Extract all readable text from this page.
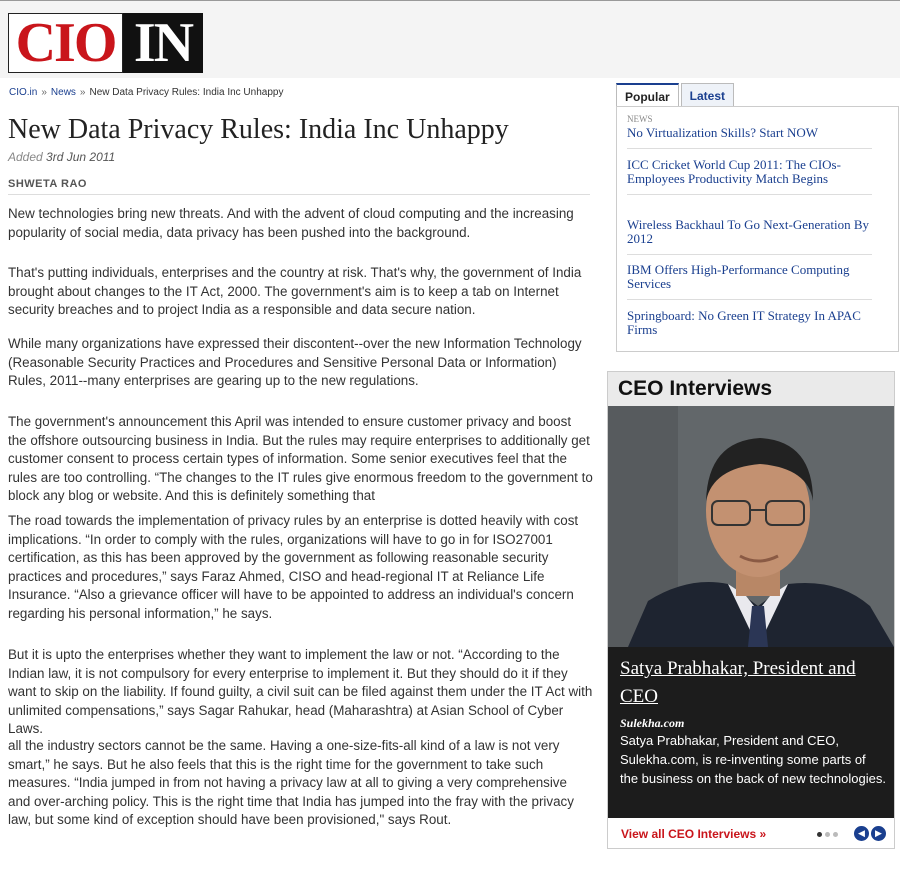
CIO IN
CIO.in » News » New Data Privacy Rules: India Inc Unhappy
New Data Privacy Rules: India Inc Unhappy
Added 3rd Jun 2011
SHWETA RAO

New technologies bring new threats. And with the advent of cloud computing and the increasing popularity of social media, data privacy has been pushed into the background.

That's putting individuals, enterprises and the country at risk. That's why, the government of India brought about changes to the IT Act, 2000. The government's aim is to keep a tab on Internet security breaches and to project India as a responsible and data secure nation.

While many organizations have expressed their discontent--over the new Information Technology (Reasonable Security Practices and Procedures and Sensitive Personal Data or Information) Rules, 2011--many enterprises are gearing up to the new regulations.

The government's announcement this April was intended to ensure customer privacy and boost the offshore outsourcing business in India. But the rules may require enterprises to additionally get customer consent to process certain types of information. Some senior executives feel that the rules are too controlling. “The changes to the IT rules give enormous freedom to the government to block any blog or website. And this is definitely something that

The road towards the implementation of privacy rules by an enterprise is dotted heavily with cost implications. “In order to comply with the rules, organizations will have to go in for ISO27001 certification, as this has been approved by the government as following reasonable security practices and procedures,” says Faraz Ahmed, CISO and head-regional IT at Reliance Life Insurance. “Also a grievance officer will have to be appointed to address an individual's concern regarding his personal information,” he says.

But it is upto the enterprises whether they want to implement the law or not. “According to the Indian law, it is not compulsory for every enterprise to implement it. But they should do it if they want to skip on the liability. If found guilty, a civil suit can be filed against them under the IT Act with unlimited compensations,” says Sagar Rahukar, head (Maharashtra) at Asian School of Cyber Laws.

all the industry sectors cannot be the same. Having a one-size-fits-all kind of a law is not very smart,” he says. But he also feels that this is the right time for the government to take such measures. “India jumped in from not having a privacy law at all to giving a very comprehensive and over-arching policy. This is the right time that India has jumped into the fray with the privacy law, but some kind of exception should have been provisioned," says Rout.

Popular	Latest
NEWS
No Virtualization Skills? Start NOW
ICC Cricket World Cup 2011: The CIOs-Employees Productivity Match Begins
Wireless Backhaul To Go Next-Generation By 2012
IBM Offers High-Performance Computing Services
Springboard: No Green IT Strategy In APAC Firms
CEO Interviews
Satya Prabhakar, President and CEO
Sulekha.com
Satya Prabhakar, President and CEO, Sulekha.com, is re-inventing some parts of the business on the back of new technologies.
View all CEO Interviews »	◀	▶
